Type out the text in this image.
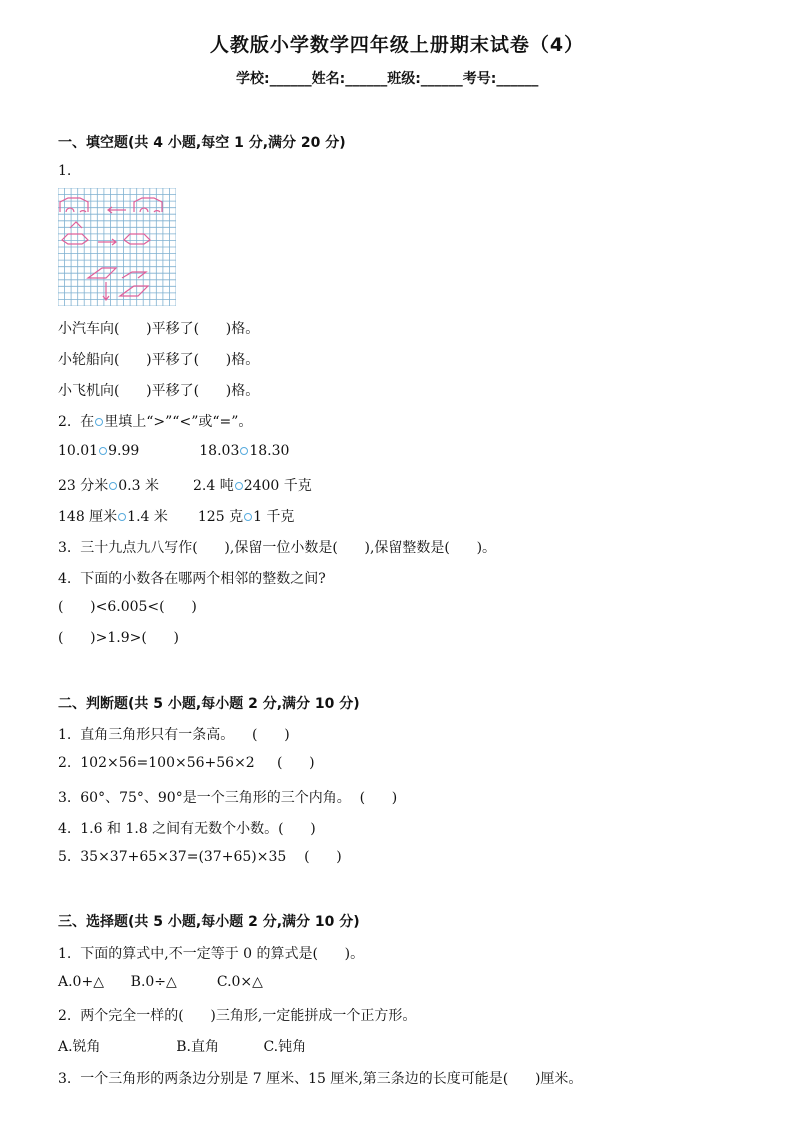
人教版小学数学四年级上册期末试卷（4）
学校:______姓名:______班级:______考号:______
一、填空题(共 4 小题,每空 1 分,满分 20 分)
1.
小汽车向(      )平移了(      )格。
小轮船向(      )平移了(      )格。
小飞机向(      )平移了(      )格。
2.  在 里填上“>”“<”或“=”。
10.01 9.99	18.03 18.30
23 分米 0.3 米 2.4 吨 2400 千克
148 厘米 1.4 米 125 克 1 千克
3.  三十九点九八写作(      ),保留一位小数是(      ),保留整数是(      )。
4.  下面的小数各在哪两个相邻的整数之间?
(      )<6.005<(      )
(      )>1.9>(      )
二、判断题(共 5 小题,每小题 2 分,满分 10 分)
1.  直角三角形只有一条高。    (      )
2.  102×56=100×56+56×2     (      )
3.  60°、75°、90°是一个三角形的三个内角。  (      )
4.  1.6 和 1.8 之间有无数个小数。(      )
5.  35×37+65×37=(37+65)×35    (      )
三、选择题(共 5 小题,每小题 2 分,满分 10 分)
1.  下面的算式中,不一定等于 0 的算式是(      )。
A.0+△      B.0÷△         C.0×△
2.  两个完全一样的(      )三角形,一定能拼成一个正方形。
A.锐角                 B.直角          C.钝角
3.  一个三角形的两条边分别是 7 厘米、15 厘米,第三条边的长度可能是(      )厘米。
